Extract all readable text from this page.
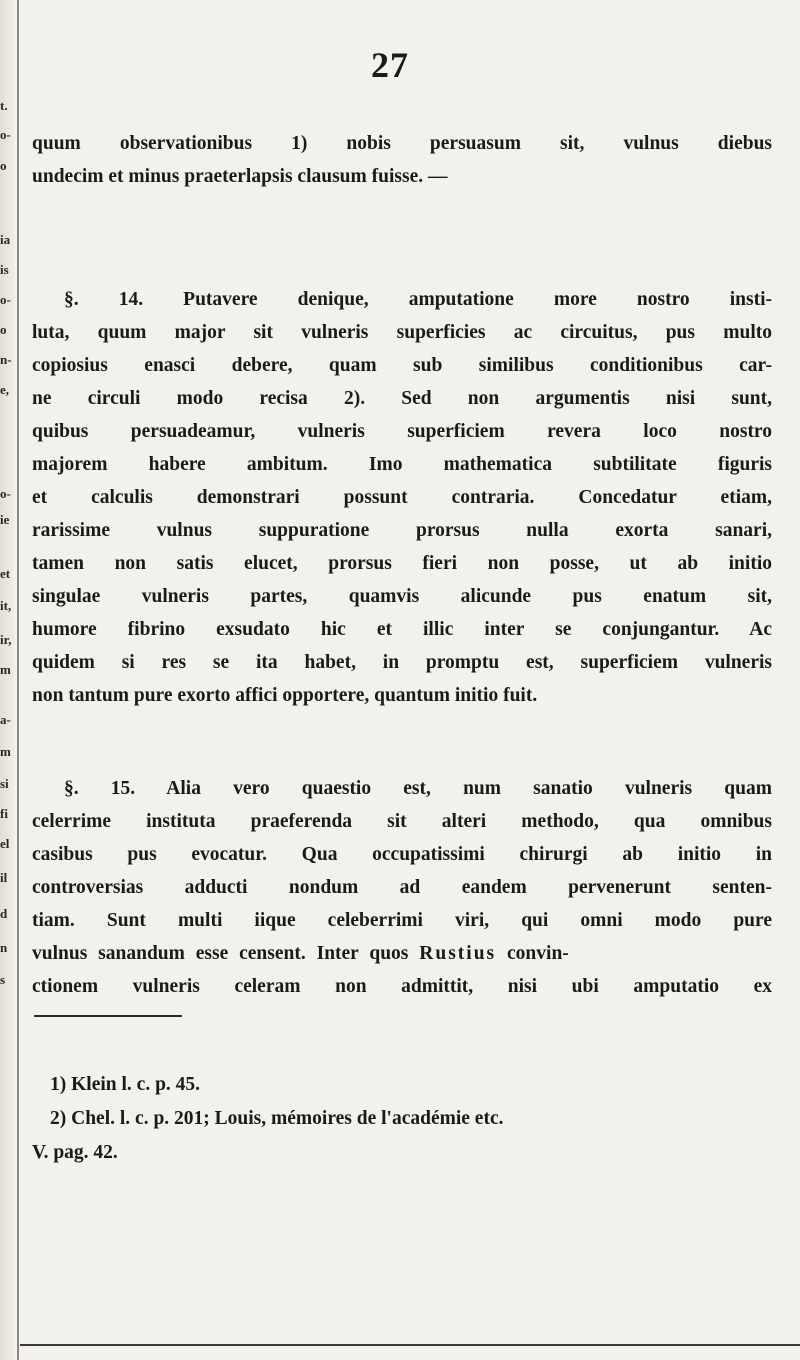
t.
o-
o
ia
is
o-
o
n-
e,
o-
ie
et
it,
ir,
m
a-
m
si
fi
el
il
d
n
s
27
quum observationibus 1) nobis persuasum sit, vulnus diebus
undecim et minus praeterlapsis clausum fuisse. —
§. 14. Putavere denique, amputatione more nostro insti-
luta, quum major sit vulneris superficies ac circuitus, pus multo
copiosius enasci debere, quam sub similibus conditionibus car-
ne circuli modo recisa 2). Sed non argumentis nisi sunt,
quibus persuadeamur, vulneris superficiem revera loco nostro
majorem habere ambitum. Imo mathematica subtilitate figuris
et calculis demonstrari possunt contraria. Concedatur etiam,
rarissime vulnus suppuratione prorsus nulla exorta sanari,
tamen non satis elucet, prorsus fieri non posse, ut ab initio
singulae vulneris partes, quamvis alicunde pus enatum sit,
humore fibrino exsudato hic et illic inter se conjungantur. Ac
quidem si res se ita habet, in promptu est, superficiem vulneris
non tantum pure exorto affici opportere, quantum initio fuit.
§. 15. Alia vero quaestio est, num sanatio vulneris quam
celerrime instituta praeferenda sit alteri methodo, qua omnibus
casibus pus evocatur. Qua occupatissimi chirurgi ab initio in
controversias adducti nondum ad eandem pervenerunt senten-
tiam. Sunt multi iique celeberrimi viri, qui omni modo pure
vulnus sanandum esse censent. Inter quos Rustius convin-
ctionem vulneris celeram non admittit, nisi ubi amputatio ex
1) Klein l. c. p. 45.
2) Chel. l. c. p. 201; Louis, mémoires de l'académie etc.
V. pag. 42.
